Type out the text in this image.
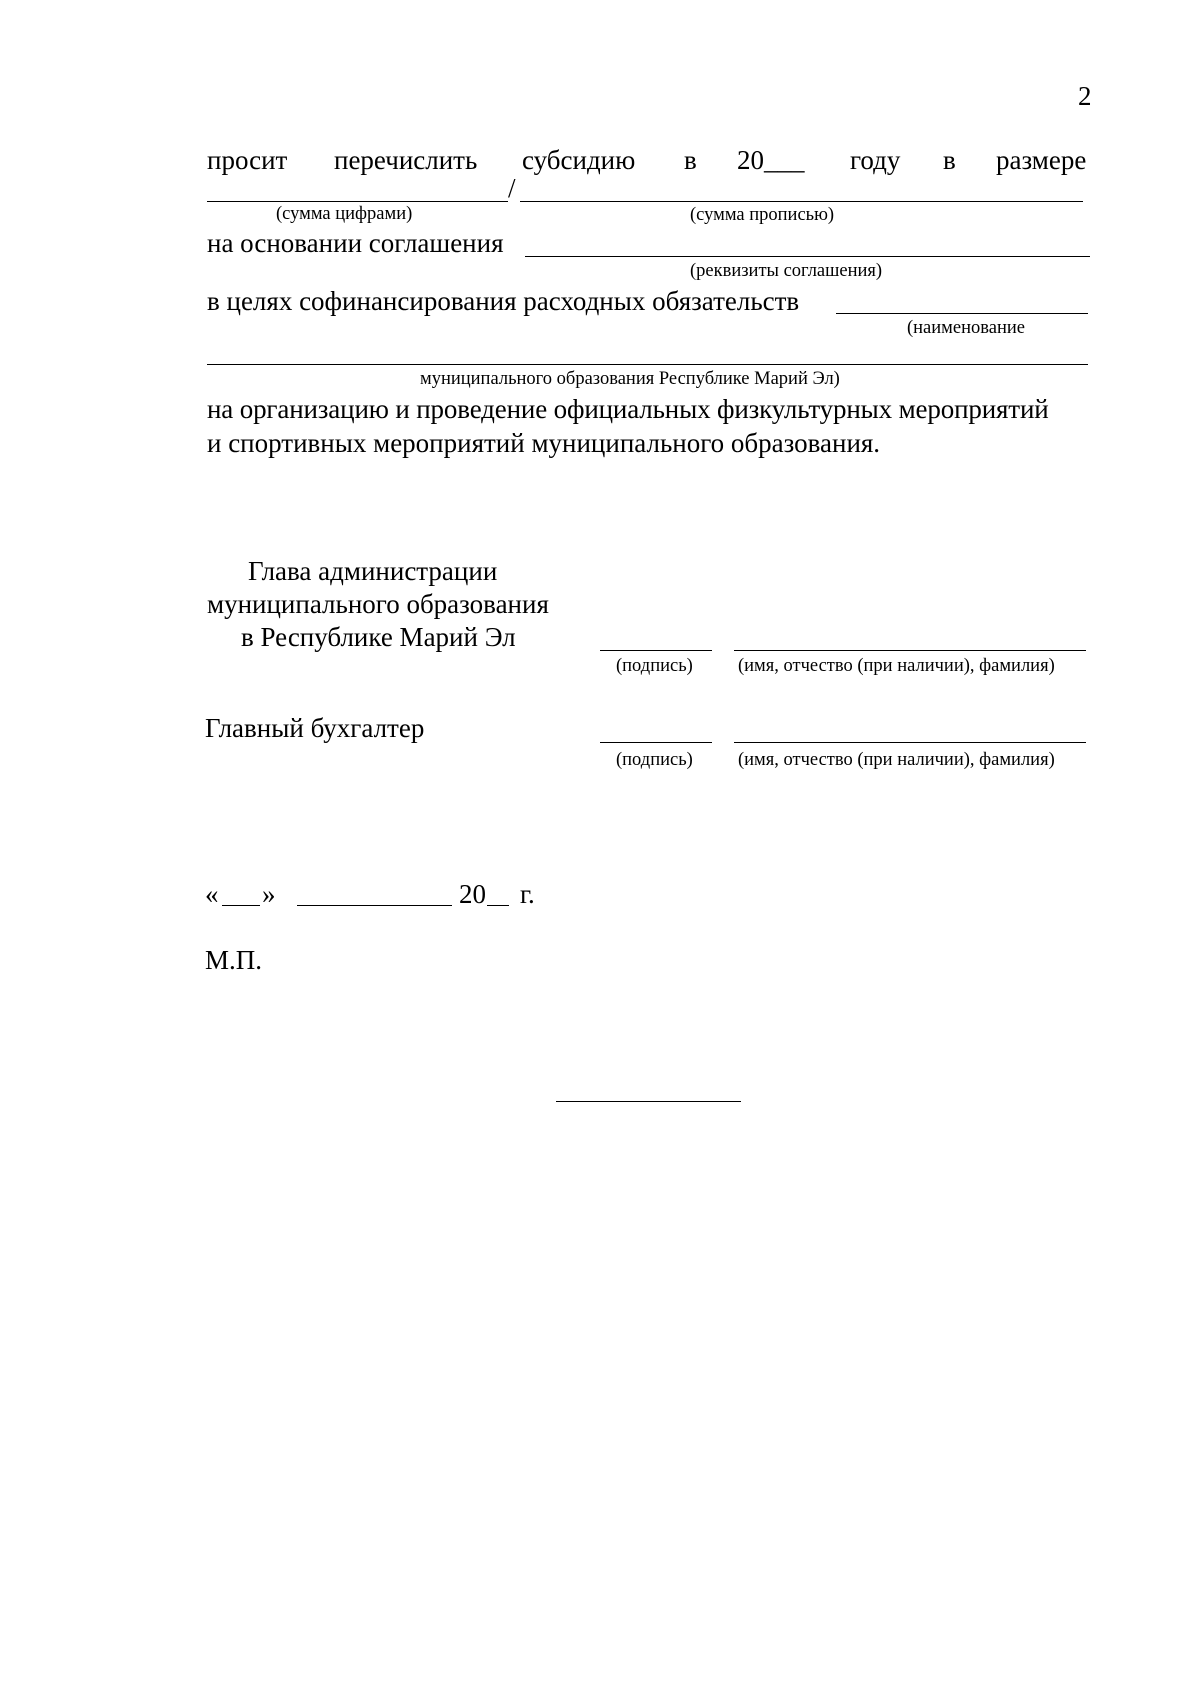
2
просит перечислить субсидию в 20___ году в размере
/
(сумма цифрами)	(сумма прописью)
на основании соглашения
(реквизиты соглашения)
в целях софинансирования расходных обязательств
(наименование
муниципального образования Республике Марий Эл)
на организацию и проведение официальных физкультурных мероприятий
и спортивных мероприятий муниципального образования.
Глава администрации
муниципального образования
в Республике Марий Эл
(подпись) (имя, отчество (при наличии), фамилия)
Главный бухгалтер
(подпись) (имя, отчество (при наличии), фамилия)
« »	20 г.
М.П.
